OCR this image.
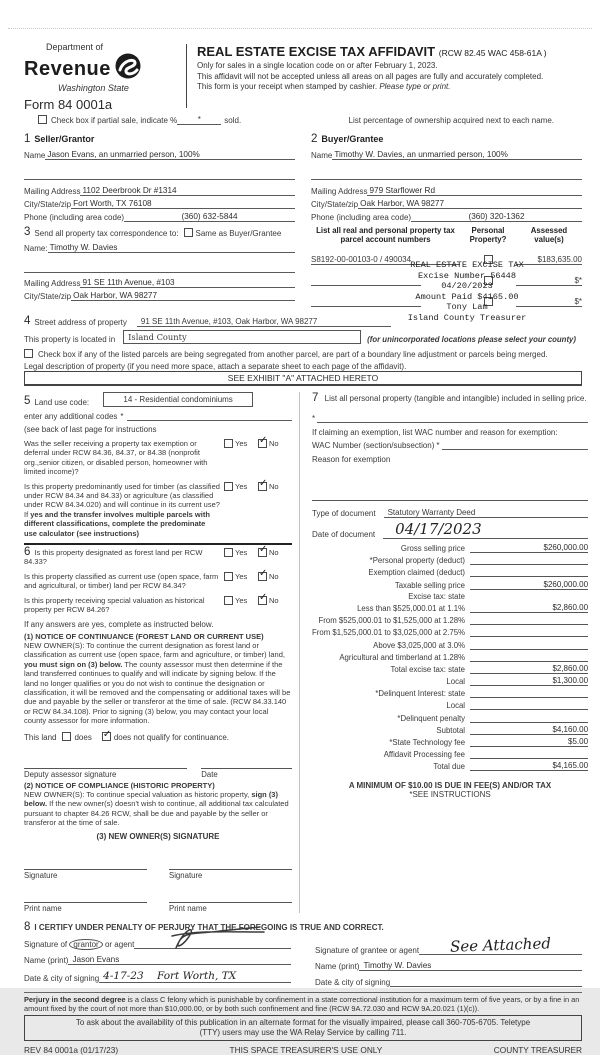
Department of
Revenue
Washington State
Form 84 0001a
REAL ESTATE EXCISE TAX AFFIDAVIT (RCW 82.45 WAC 458-61A )
Only for sales in a single location code on or after February 1, 2023.
This affidavit will not be accepted unless all areas on all pages are fully and accurately completed.
This form is your receipt when stamped by cashier. Please type or print.
Check box if partial sale, indicate %	*	sold.	List percentage of ownership acquired next to each name.
1 Seller/Grantor
Name Jason Evans, an unmarried person, 100%
Mailing Address 1102 Deerbrook Dr #1314
City/State/zip Fort Worth, TX 76108
Phone (including area code)	(360) 632-5844
2 Buyer/Grantee
Name Timothy W. Davies, an unmarried person, 100%
Mailing Address 979 Starflower Rd
City/State/zip Oak Harbor, WA 98277
Phone (including area code)	(360) 320-1362
3 Send all property tax correspondence to: Same as Buyer/Grantee
Name: Timothy W. Davies
Mailing Address 91 SE 11th Avenue, #103
City/State/zip Oak Harbor, WA 98277
List all real and personal property tax parcel account numbers
Personal Property?
Assessed value(s)
S8192-00-00103-0 / 490034	$183,635.00
$*
$*
REAL ESTATE EXCISE TAX
Excise Number 56448
04/20/2023
Amount Paid $4165.00
Tony Lam
Island County Treasurer
4 Street address of property	91 SE 11th Avenue, #103, Oak Harbor, WA 98277
This property is located in	Island County	(for unincorporated locations please select your county)
Check box if any of the listed parcels are being segregated from another parcel, are part of a boundary line adjustment or parcels being merged.
Legal description of property (if you need more space, attach a separate sheet to each page of the affidavit).
SEE EXHIBIT "A" ATTACHED HERETO
5 Land use code:	14 - Residential condominiums
enter any additional codes *
(see back of last page for instructions
Was the seller receiving a property tax exemption or deferral under RCW 84.36, 84.37, or 84.38 (nonprofit org.,senior citizen, or disabled person, homeowner with limited income)?
Yes ✓	No
Is this property predominantly used for timber (as classified under RCW 84.34 and 84.33) or agriculture (as classified under RCW 84.34.020) and will continue in its current use? If yes and the transfer involves multiple parcels with different classifications, complete the predominate use calculator (see instructions)
Yes ✓	No
6 Is this property designated as forest land per RCW 84.33?
Yes ✓	No
Is this property classified as current use (open space, farm and agricultural, or timber) land per RCW 84.34?
Yes ✓	No
Is this property receiving special valuation as historical property per RCW 84.26?
Yes ✓	No
If any answers are yes, complete as instructed below.
(1) NOTICE OF CONTINUANCE (FOREST LAND OR CURRENT USE)
NEW OWNER(S): To continue the current designation as forest land or classification as current use (open space, farm and agriculture, or timber) land, you must sign on (3) below. The county assessor must then determine if the land transferred continues to qualify and will indicate by signing below. If the land no longer qualifies or you do not wish to continue the designation or classification, it will be removed and the compensating or additional taxes will be due and payable by the seller or transferor at the time of sale. (RCW 84.33.140 or RCW 84.34.108). Prior to signing (3) below, you may contact your local county assessor for more information.
This land does ✓	does not qualify for continuance.
Deputy assessor signature	Date
(2) NOTICE OF COMPLIANCE (HISTORIC PROPERTY)
NEW OWNER(S): To continue special valuation as historic property, sign (3) below. If the new owner(s) doesn't wish to continue, all additional tax calculated pursuant to chapter 84.26 RCW, shall be due and payable by the seller or transferor at the time of sale.
(3) NEW OWNER(S) SIGNATURE
Signature	Signature
Print name	Print name
7 List all personal property (tangible and intangible) included in selling price.
*
If claiming an exemption, list WAC number and reason for exemption:
WAC Number (section/subsection) *
Reason for exemption
Type of document	Statutory Warranty Deed
Date of document	04/17/2023
Gross selling price	$260,000.00
*Personal property (deduct)
Exemption claimed (deduct)
Taxable selling price	$260,000.00
Excise tax: state
Less than $525,000.01 at 1.1%	$2,860.00
From $525,000.01 to $1,525,000 at 1.28%
From $1,525,000.01 to $3,025,000 at 2.75%
Above $3,025,000 at 3.0%
Agricultural and timberland at 1.28%
Total excise tax: state	$2,860.00
Local	$1,300.00
*Delinquent Interest: state
Local
*Delinquent penalty
Subtotal	$4,160.00
*State Technology fee	$5.00
Affidavit Processing fee
Total due	$4,165.00
A MINIMUM OF $10.00 IS DUE IN FEE(S) AND/OR TAX
*SEE INSTRUCTIONS
8 I CERTIFY UNDER PENALTY OF PERJURY THAT THE FOREGOING IS TRUE AND CORRECT.
Signature of grantor or agent
Name (print) Jason Evans
Date & city of signing 4-17-23    Fort Worth, TX
Signature of grantee or agent	See Attached
Name (print) Timothy W. Davies
Date & city of signing
Perjury in the second degree is a class C felony which is punishable by confinement in a state correctional institution for a maximum term of five years, or by a fine in an amount fixed by the court of not more than $10,000.00, or by both such confinement and fine (RCW 9A.72.030 and RCW 9A.20.021 (1)(c)).
To ask about the availability of this publication in an alternate format for the visually impaired, please call 360-705-6705. Teletype
(TTY) users may use the WA Relay Service by calling 711.
REV 84 0001a (01/17/23)	THIS SPACE TREASURER'S USE ONLY	COUNTY TREASURER
